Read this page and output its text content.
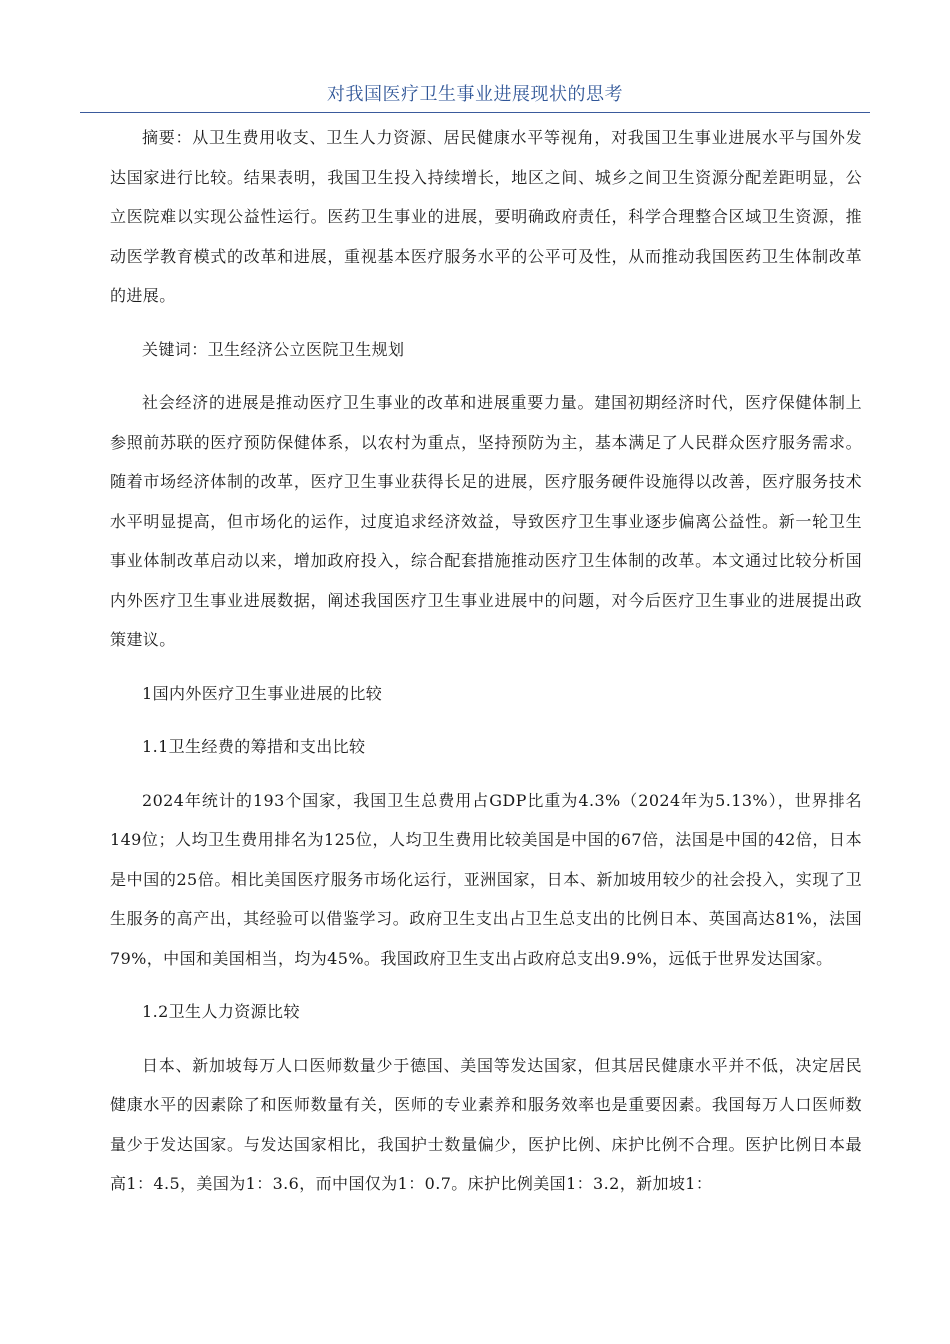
对我国医疗卫生事业进展现状的思考

摘要：从卫生费用收支、卫生人力资源、居民健康水平等视角，对我国卫生事业进展水平与国外发达国家进行比较。结果表明，我国卫生投入持续增长，地区之间、城乡之间卫生资源分配差距明显，公立医院难以实现公益性运行。医药卫生事业的进展，要明确政府责任，科学合理整合区域卫生资源，推动医学教育模式的改革和进展，重视基本医疗服务水平的公平可及性，从而推动我国医药卫生体制改革的进展。

关键词：卫生经济公立医院卫生规划

社会经济的进展是推动医疗卫生事业的改革和进展重要力量。建国初期经济时代，医疗保健体制上参照前苏联的医疗预防保健体系，以农村为重点，坚持预防为主，基本满足了人民群众医疗服务需求。随着市场经济体制的改革，医疗卫生事业获得长足的进展，医疗服务硬件设施得以改善，医疗服务技术水平明显提高，但市场化的运作，过度追求经济效益，导致医疗卫生事业逐步偏离公益性。新一轮卫生事业体制改革启动以来，增加政府投入，综合配套措施推动医疗卫生体制的改革。本文通过比较分析国内外医疗卫生事业进展数据，阐述我国医疗卫生事业进展中的问题，对今后医疗卫生事业的进展提出政策建议。

1国内外医疗卫生事业进展的比较

1.1卫生经费的筹措和支出比较

2024年统计的193个国家，我国卫生总费用占GDP比重为4.3%（2024年为5.13%），世界排名149位；人均卫生费用排名为125位，人均卫生费用比较美国是中国的67倍，法国是中国的42倍，日本是中国的25倍。相比美国医疗服务市场化运行，亚洲国家，日本、新加坡用较少的社会投入，实现了卫生服务的高产出，其经验可以借鉴学习。政府卫生支出占卫生总支出的比例日本、英国高达81%，法国79%，中国和美国相当，均为45%。我国政府卫生支出占政府总支出9.9%，远低于世界发达国家。

1.2卫生人力资源比较

日本、新加坡每万人口医师数量少于德国、美国等发达国家，但其居民健康水平并不低，决定居民健康水平的因素除了和医师数量有关，医师的专业素养和服务效率也是重要因素。我国每万人口医师数量少于发达国家。与发达国家相比，我国护士数量偏少，医护比例、床护比例不合理。医护比例日本最高1：4.5，美国为1：3.6，而中国仅为1：0.7。床护比例美国1：3.2，新加坡1：
